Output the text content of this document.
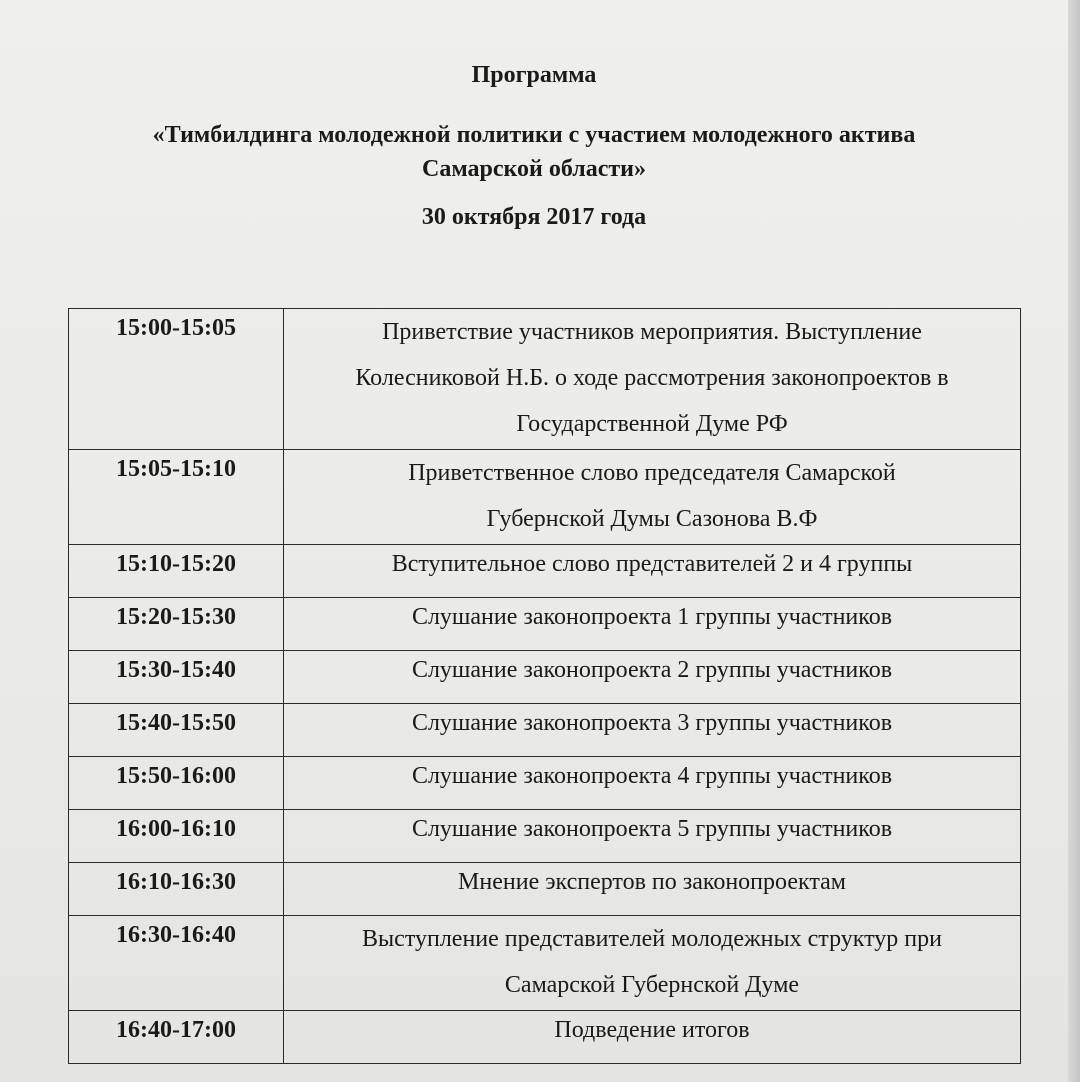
Программа
«Тимбилдинга молодежной политики с участием молодежного актива
Самарской области»
30 октября 2017 года
15:00-15:05	Приветствие участников мероприятия. Выступление
Колесниковой Н.Б. о ходе рассмотрения законопроектов в
Государственной Думе РФ

15:05-15:10	Приветственное слово председателя Самарской
Губернской Думы Сазонова В.Ф

15:10-15:20	Вступительное слово представителей 2 и 4 группы

15:20-15:30	Слушание законопроекта 1 группы участников

15:30-15:40	Слушание законопроекта 2 группы участников

15:40-15:50	Слушание законопроекта 3 группы участников

15:50-16:00	Слушание законопроекта 4 группы участников

16:00-16:10	Слушание законопроекта 5 группы участников

16:10-16:30	Мнение экспертов по законопроектам

16:30-16:40	Выступление представителей молодежных структур при
Самарской Губернской Думе

16:40-17:00	Подведение итогов
